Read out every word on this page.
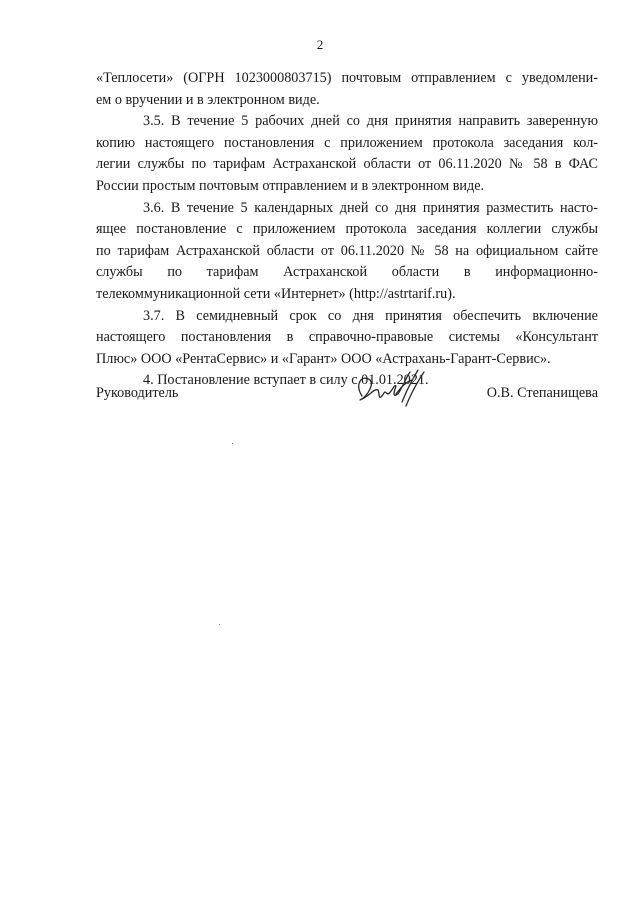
2
«Теплосети» (ОГРН 1023000803715) почтовым отправлением с уведомлени-
ем о вручении и в электронном виде.
3.5. В течение 5 рабочих дней со дня принятия направить заверенную
копию настоящего постановления с приложением протокола заседания кол-
легии службы по тарифам Астраханской области от 06.11.2020 № 58 в ФАС
России простым почтовым отправлением и в электронном виде.
3.6. В течение 5 календарных дней со дня принятия разместить насто-
ящее постановление с приложением протокола заседания коллегии службы
по тарифам Астраханской области от 06.11.2020 № 58 на официальном сайте
службы по тарифам Астраханской области в информационно-
телекоммуникационной сети «Интернет» (http://astrtarif.ru).
3.7. В семидневный срок со дня принятия обеспечить включение
настоящего постановления в справочно-правовые системы «Консультант
Плюс» ООО «РентаСервис» и «Гарант» ООО «Астрахань-Гарант-Сервис».
4. Постановление вступает в силу с 01.01.2021.
Руководитель	О.В. Степанищева
